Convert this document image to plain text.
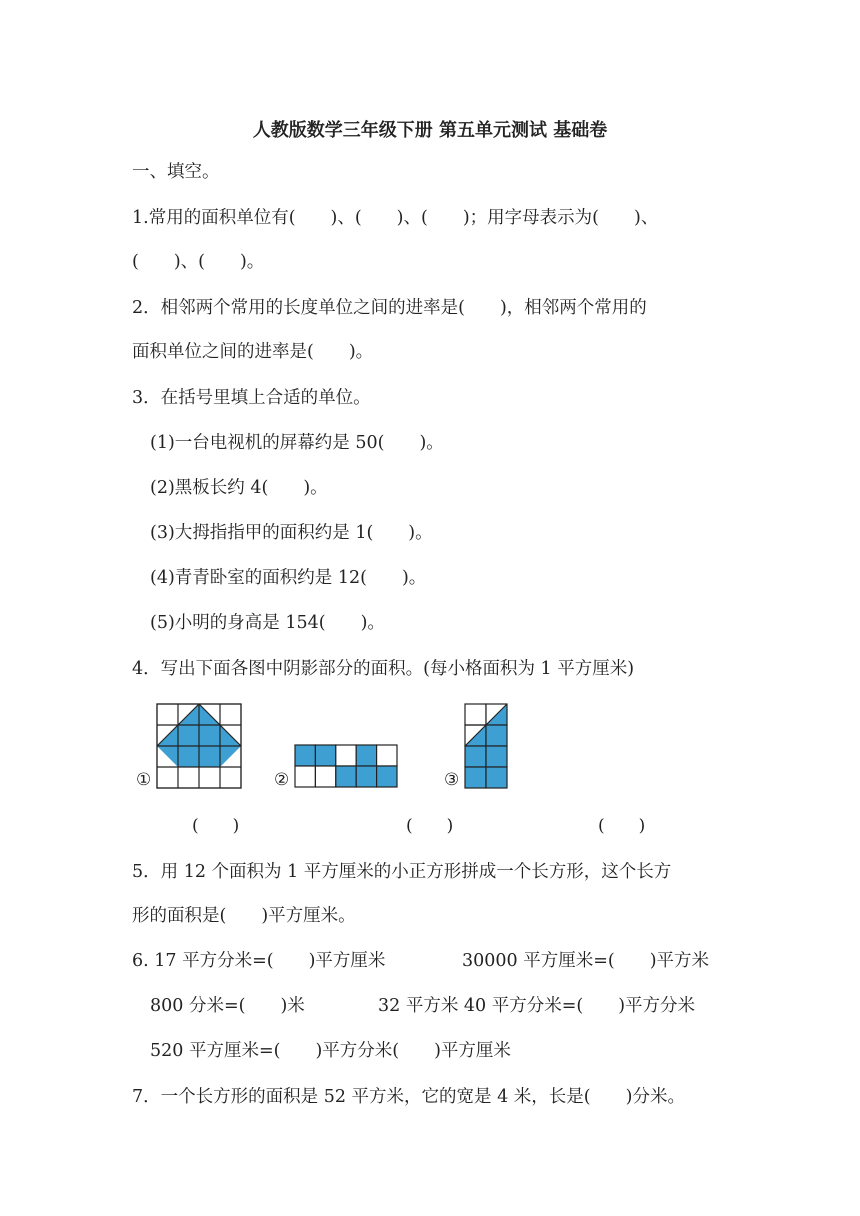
人教版数学三年级下册 第五单元测试 基础卷
一、填空。
1.常用的面积单位有(　　)、(　　)、(　　)；用字母表示为(　　)、
(　　)、(　　)。
2．相邻两个常用的长度单位之间的进率是(　　)，相邻两个常用的
面积单位之间的进率是(　　)。
3．在括号里填上合适的单位。
(1)一台电视机的屏幕约是 50(　　)。
(2)黑板长约 4(　　)。
(3)大拇指指甲的面积约是 1(　　)。
(4)青青卧室的面积约是 12(　　)。
(5)小明的身高是 154(　　)。
4．写出下面各图中阴影部分的面积。(每小格面积为 1 平方厘米)
①
(　　)
②
(　　)
③
(　　)
5．用 12 个面积为 1 平方厘米的小正方形拼成一个长方形，这个长方
形的面积是(　　)平方厘米。
6. 17 平方分米=(　　)平方厘米	30000 平方厘米=(　　)平方米
800 分米=(　　)米	32 平方米 40 平方分米=(　　)平方分米
520 平方厘米=(　　)平方分米(　　)平方厘米
7．一个长方形的面积是 52 平方米，它的宽是 4 米，长是(　　)分米。
